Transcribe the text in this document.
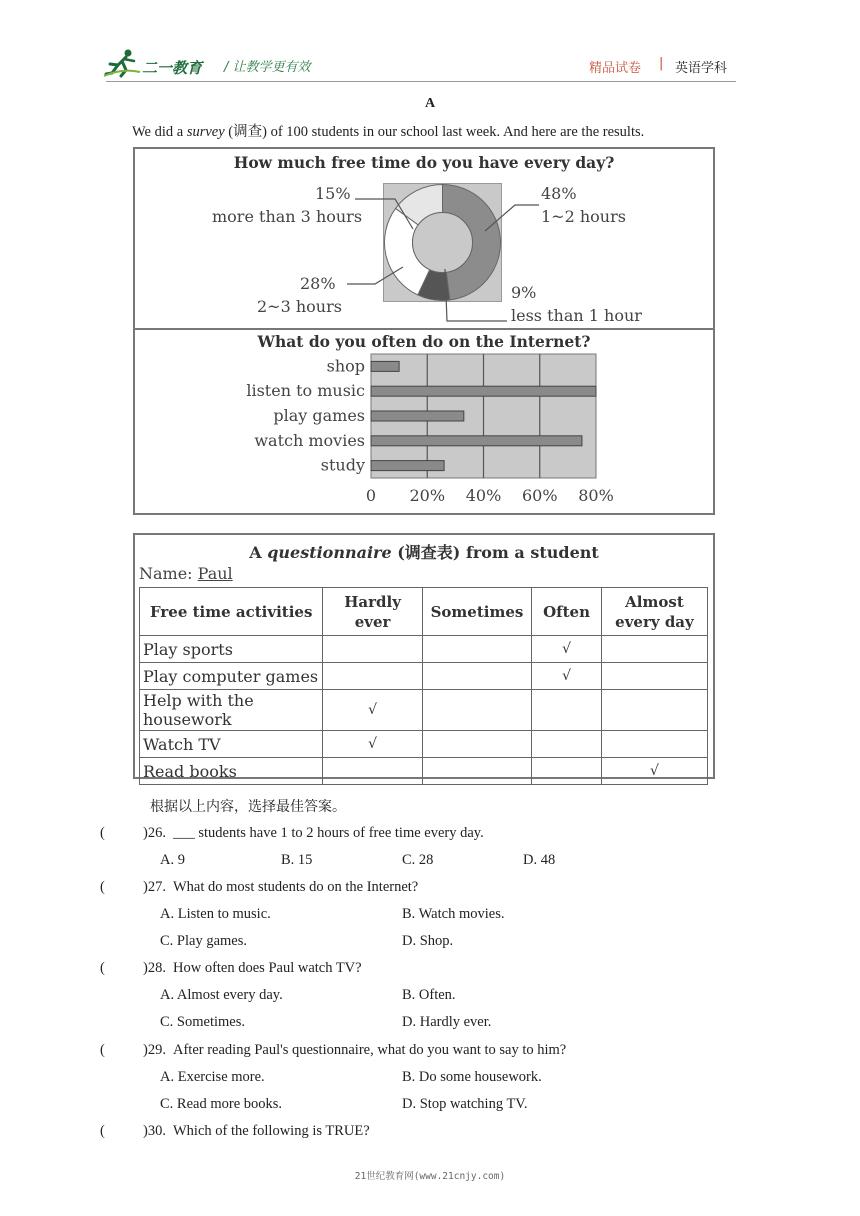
二一教育 / 让教学更有效	精品试卷 | 英语学科
A
We did a survey (调查) of 100 students in our school last week. And here are the results.
How much free time do you have every day?
15%
more than 3 hours
48%
1~2 hours
28%
2~3 hours
9%
less than 1 hour
What do you often do on the Internet?
0 20% 40% 60% 80%
shop
listen to music
play games
watch movies
study
A questionnaire (调查表) from a student
Name: Paul
Free time activities	Hardly ever	Sometimes	Often	Almost every day
Play sports			√	
Play computer games			√	
Help with the housework	√			
Watch TV	√			
Read books				√
根据以上内容，选择最佳答案。
(	)26. ___ students have 1 to 2 hours of free time every day.
A. 9	B. 15	C. 28	D. 48
(	)27. What do most students do on the Internet?
A. Listen to music.	B. Watch movies.
C. Play games.	D. Shop.
(	)28. How often does Paul watch TV?
A. Almost every day.	B. Often.
C. Sometimes.	D. Hardly ever.
(	)29. After reading Paul's questionnaire, what do you want to say to him?
A. Exercise more.	B. Do some housework.
C. Read more books.	D. Stop watching TV.
(	)30. Which of the following is TRUE?
21世纪教育网(www.21cnjy.com)
